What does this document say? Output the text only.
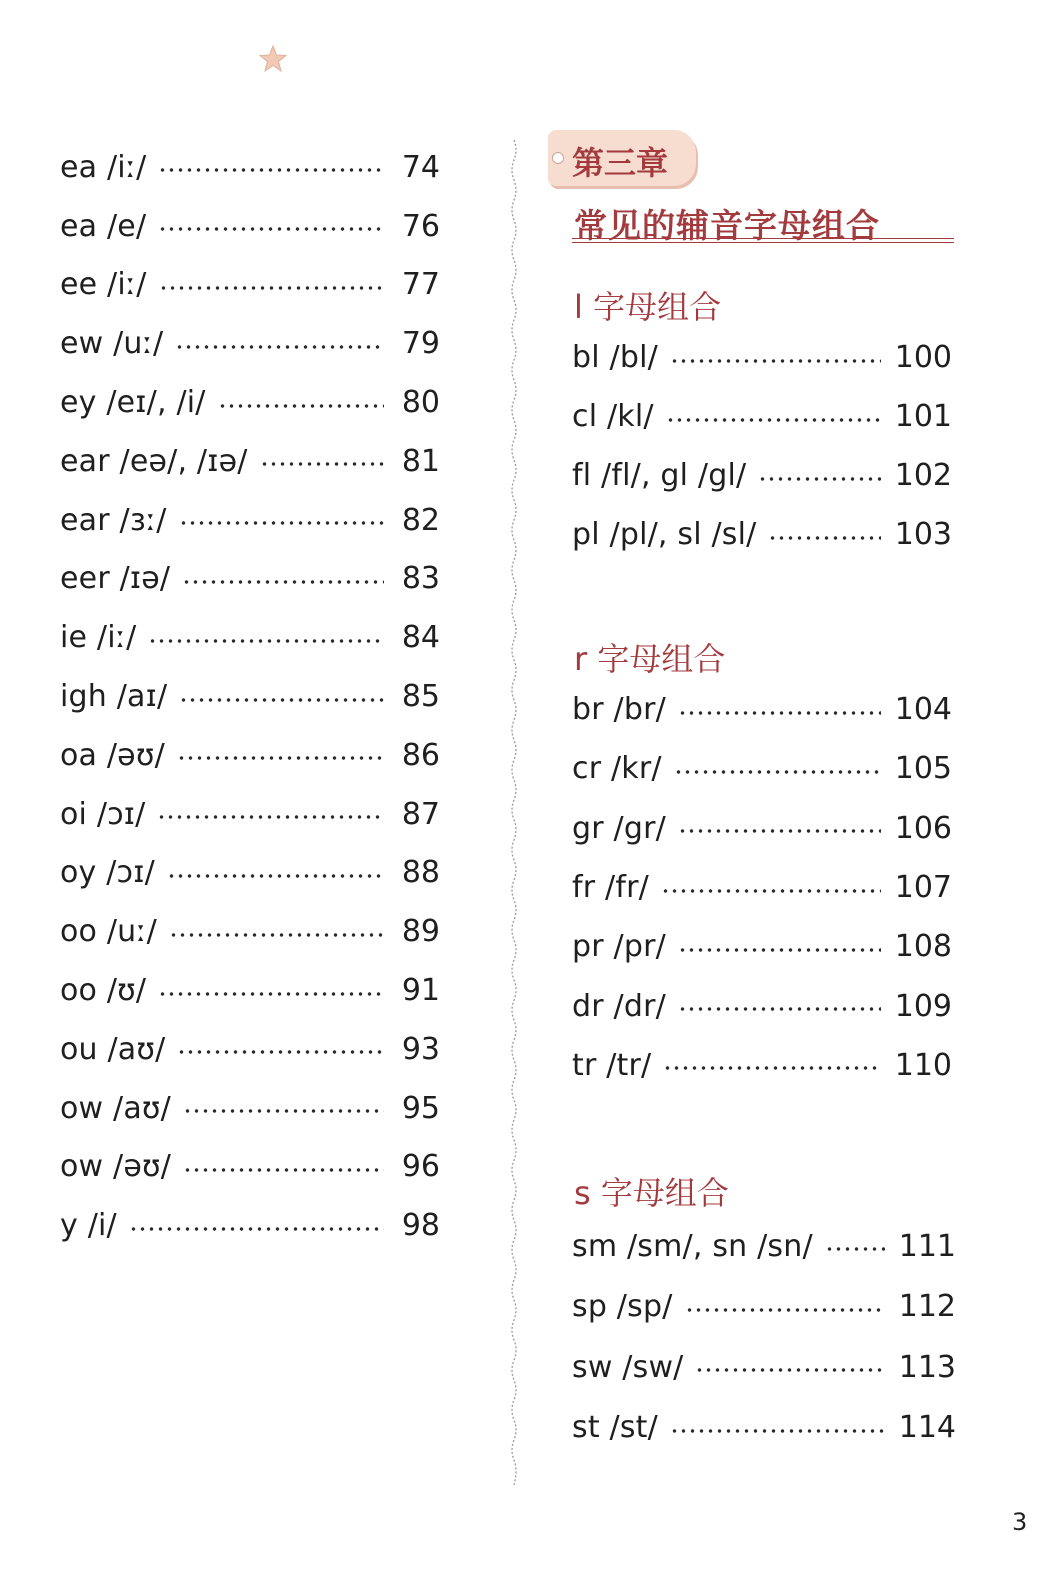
ea /iː/	74
ea /e/	76
ee /iː/	77
ew /uː/	79
ey /eɪ/, /i/	80
ear /eə/, /ɪə/	81
ear /ɜː/	82
eer /ɪə/	83
ie /iː/	84
igh /aɪ/	85
oa /əʊ/	86
oi /ɔɪ/	87
oy /ɔɪ/	88
oo /uː/	89
oo /ʊ/	91
ou /aʊ/	93
ow /aʊ/	95
ow /əʊ/	96
y /i/	98
第三章
常见的辅音字母组合
l 字母组合
bl /bl/	100
cl /kl/	101
fl /fl/, gl /gl/	102
pl /pl/, sl /sl/	103
r 字母组合
br /br/	104
cr /kr/	105
gr /gr/	106
fr /fr/	107
pr /pr/	108
dr /dr/	109
tr /tr/	110
s 字母组合
sm /sm/, sn /sn/	111
sp /sp/	112
sw /sw/	113
st /st/	114
3
